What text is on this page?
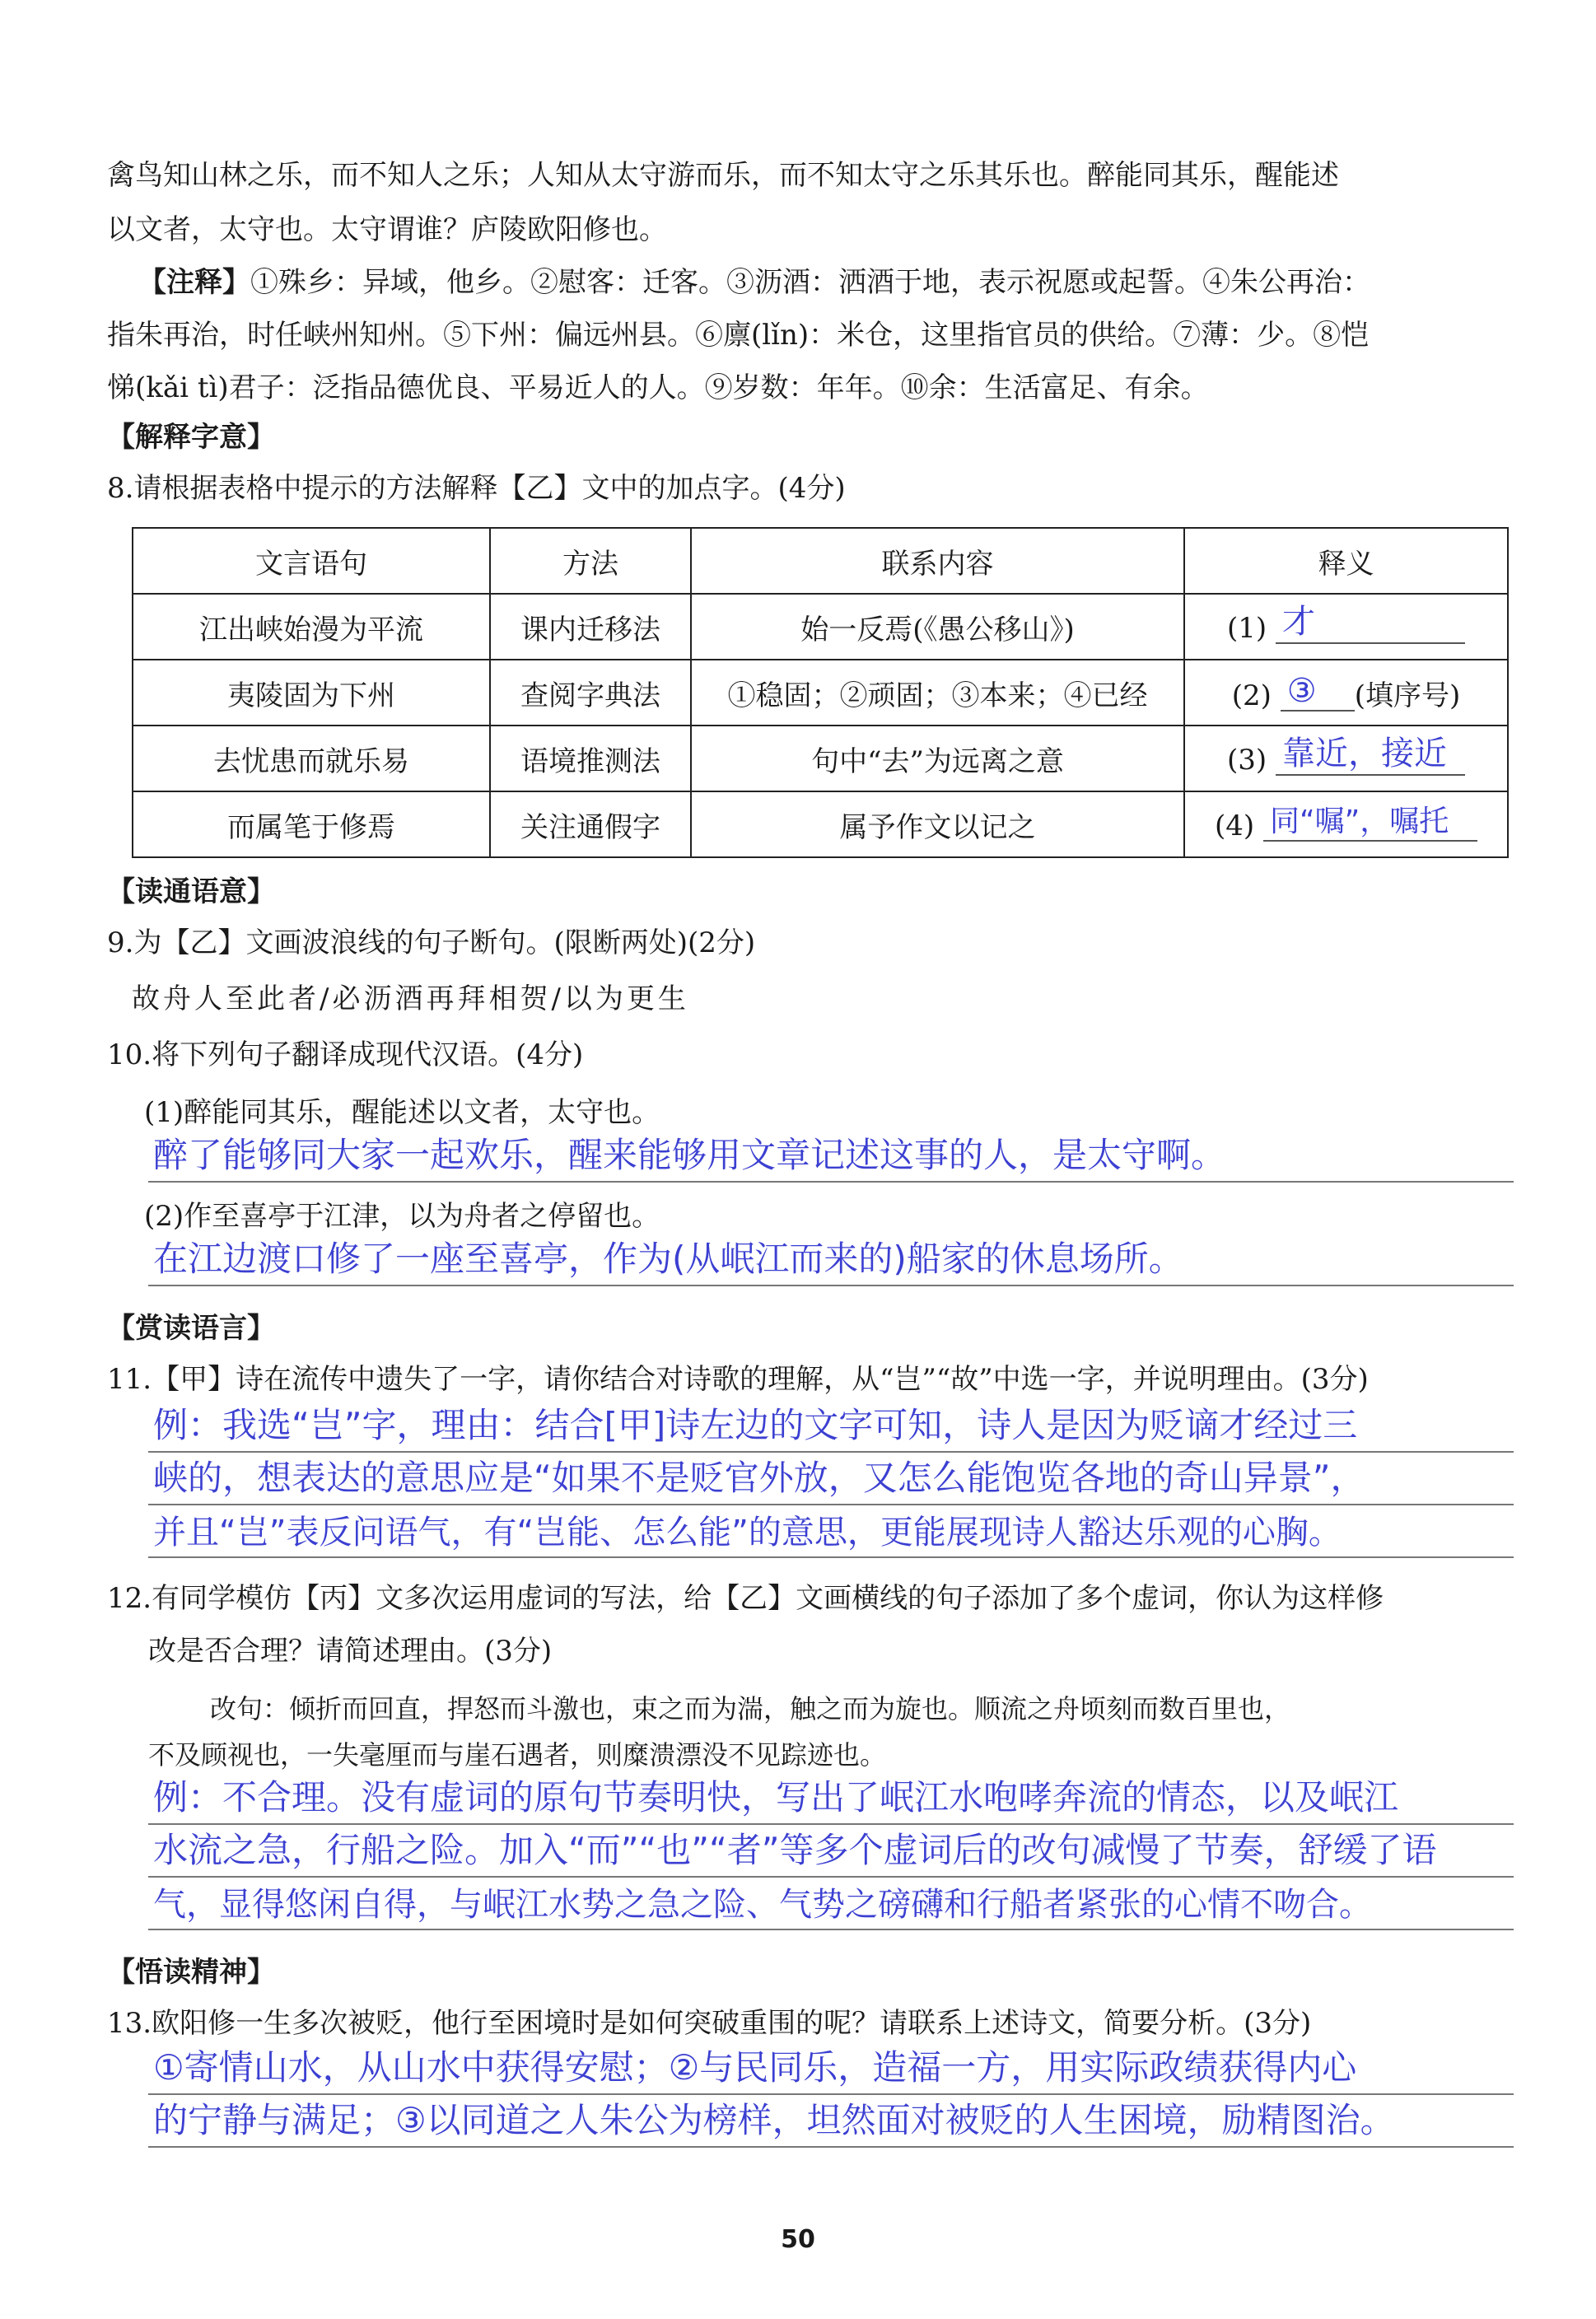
禽鸟知山林之乐，而不知人之乐；人知从太守游而乐，而不知太守之乐其乐也。醉能同其乐，醒能述
以文者，太守也。太守谓谁？庐陵欧阳修也。
【注释】①殊乡：异域，他乡。②慰客：迁客。③沥酒：洒酒于地，表示祝愿或起誓。④朱公再治：
指朱再治，时任峡州知州。⑤下州：偏远州县。⑥廪(lǐn)：米仓，这里指官员的供给。⑦薄：少。⑧恺
悌(kǎi tì)君子：泛指品德优良、平易近人的人。⑨岁数：年年。⑩余：生活富足、有余。
【解释字意】
8.请根据表格中提示的方法解释【乙】文中的加点字。(4分)
文言语句	方法	联系内容	释义
江出峡始漫为平流	课内迁移法	始一反焉(《愚公移山》)	(1) 才

夷陵固为下州	查阅字典法	①稳固；②顽固；③本来；④已经	(2) ③ (填序号)
去忧患而就乐易	语境推测法	句中“去”为远离之意	(3) 靠近，接近

而属笔于修焉	关注通假字	属予作文以记之	(4) 同“嘱”，嘱托
【读通语意】
9.为【乙】文画波浪线的句子断句。(限断两处)(2分)
故舟人至此者/必沥酒再拜相贺/以为更生
10.将下列句子翻译成现代汉语。(4分)
(1)醉能同其乐，醒能述以文者，太守也。
醉了能够同大家一起欢乐，醒来能够用文章记述这事的人，是太守啊。
(2)作至喜亭于江津，以为舟者之停留也。
在江边渡口修了一座至喜亭，作为(从岷江而来的)船家的休息场所。
【赏读语言】
11.【甲】诗在流传中遗失了一字，请你结合对诗歌的理解，从“岂”“故”中选一字，并说明理由。(3分)
例：我选“岂”字，理由：结合[甲]诗左边的文字可知，诗人是因为贬谪才经过三
峡的，想表达的意思应是“如果不是贬官外放，又怎么能饱览各地的奇山异景”，
并且“岂”表反问语气，有“岂能、怎么能”的意思，更能展现诗人豁达乐观的心胸。
12.有同学模仿【丙】文多次运用虚词的写法，给【乙】文画横线的句子添加了多个虚词，你认为这样修
改是否合理？请简述理由。(3分)
改句：倾折而回直，捍怒而斗激也，束之而为湍，触之而为旋也。顺流之舟顷刻而数百里也，
不及顾视也，一失毫厘而与崖石遇者，则糜溃漂没不见踪迹也。
例：不合理。没有虚词的原句节奏明快，写出了岷江水咆哮奔流的情态，以及岷江
水流之急，行船之险。加入“而”“也”“者”等多个虚词后的改句减慢了节奏，舒缓了语
气，显得悠闲自得，与岷江水势之急之险、气势之磅礴和行船者紧张的心情不吻合。
【悟读精神】
13.欧阳修一生多次被贬，他行至困境时是如何突破重围的呢？请联系上述诗文，简要分析。(3分)
①寄情山水，从山水中获得安慰；②与民同乐，造福一方，用实际政绩获得内心
的宁静与满足；③以同道之人朱公为榜样，坦然面对被贬的人生困境，励精图治。
50
